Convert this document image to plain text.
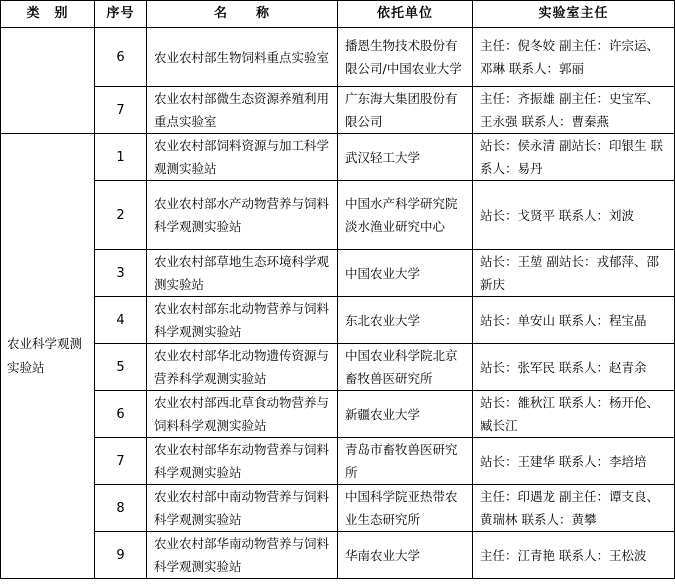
类　别	序号	名　　称	依托单位	实验室主任
	6	农业农村部生物饲料重点实验室	播恩生物技术股份有限公司/中国农业大学	主任：倪冬姣 副主任：许宗运、邓琳 联系人：郭丽
	7	农业农村部微生态资源养殖利用重点实验室	广东海大集团股份有限公司	主任：齐振雄 副主任：史宝军、王永强 联系人：曹秦燕
农业科学观测实验站	1	农业农村部饲料资源与加工科学观测实验站	武汉轻工大学	站长：侯永清 副站长：印银生 联系人：易丹
	2	农业农村部水产动物营养与饲料科学观测实验站	中国水产科学研究院淡水渔业研究中心	站长：戈贤平 联系人：刘波
	3	农业农村部草地生态环境科学观测实验站	中国农业大学	站长：王堃 副站长：戎郁萍、邵新庆
	4	农业农村部东北动物营养与饲料科学观测实验站	东北农业大学	站长：单安山 联系人：程宝晶
	5	农业农村部华北动物遗传资源与营养科学观测实验站	中国农业科学院北京畜牧兽医研究所	站长：张军民 联系人：赵青余
	6	农业农村部西北草食动物营养与饲料科学观测实验站	新疆农业大学	站长：雒秋江 联系人：杨开伦、臧长江
	7	农业农村部华东动物营养与饲料科学观测实验站	青岛市畜牧兽医研究所	站长：王建华 联系人：李培培
	8	农业农村部中南动物营养与饲料科学观测实验站	中国科学院亚热带农业生态研究所	主任：印遇龙 副主任：谭支良、黄瑞林 联系人：黄攀
	9	农业农村部华南动物营养与饲料科学观测实验站	华南农业大学	主任：江青艳 联系人：王松波
